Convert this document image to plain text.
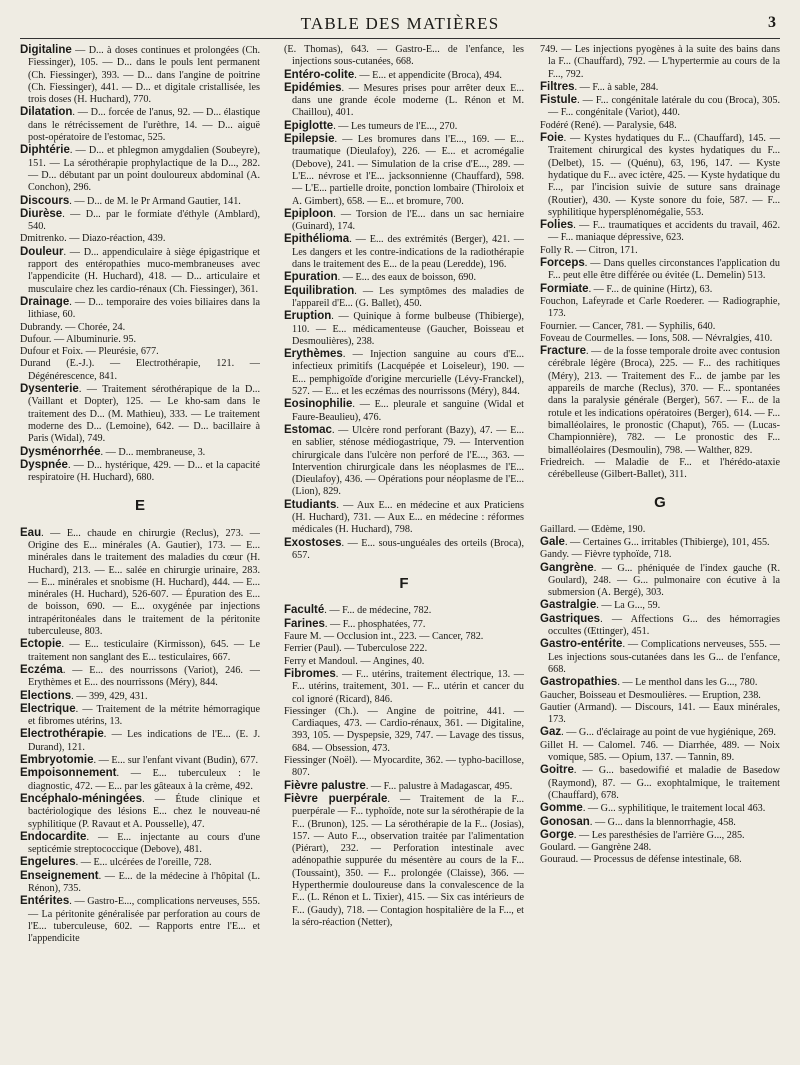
TABLE DES MATIÈRES	3

Digitaline — D... à doses continues et prolongées (Ch. Fiessinger), 105. — D... dans le pouls lent permanent (Ch. Fiessinger), 393. — D... dans l'angine de poitrine (Ch. Fiessinger), 441. — D... et digitale cristallisée, les trois doses (H. Huchard), 770.

Dilatation. — D... forcée de l'anus, 92. — D... élastique dans le rétrécissement de l'urèthre, 14. — D... aiguë post-opératoire de l'estomac, 525.

Diphtérie. — D... et phlegmon amygdalien (Soubeyre), 151. — La sérothérapie prophylactique de la D..., 282. — D... débutant par un point douloureux abdominal (A. Conchon), 296.

Discours. — D... de M. le Pr Armand Gautier, 141.

Diurèse. — D... par le formiate d'éthyle (Amblard), 540.

Dmitrenko. — Diazo-réaction, 439.

Douleur. — D... appendiculaire à siège épigastrique et rapport des entéropathies muco-membraneuses avec l'appendicite (H. Huchard), 418. — D... articulaire et musculaire chez les cardio-rénaux (Ch. Fiessinger), 361.

Drainage. — D... temporaire des voies biliaires dans la lithiase, 60.

Dubrandy. — Chorée, 24.

Dufour. — Albuminurie. 95.

Dufour et Foix. — Pleurésie, 677.

Durand (E.-J.). — Electrothérapie, 121. — Dégénérescence, 841.

Dysenterie. — Traitement sérothérapique de la D... (Vaillant et Dopter), 125. — Le kho-sam dans le traitement des D... (M. Mathieu), 333. — Le traitement moderne des D... (Lemoine), 642. — D... bacillaire à Paris (Widal), 749.

Dysménorrhée. — D... membraneuse, 3.

Dyspnée. — D... hystérique, 429. — D... et la capacité respiratoire (H. Huchard), 680.

E

Eau. — E... chaude en chirurgie (Reclus), 273. — Origine des E... minérales (A. Gautier), 173. — E... minérales dans le traitement des maladies du cœur (H. Huchard), 213. — E... salée en chirurgie urinaire, 283. — E... minérales et snobisme (H. Huchard), 444. — E... minérales (H. Huchard), 526-607. — Épuration des E... de boisson, 690. — E... oxygénée par injections intrapéritonéales dans le traitement de la péritonite tuberculeuse, 803.

Ectopie. — E... testiculaire (Kirmisson), 645. — Le traitement non sanglant des E... testiculaires, 667.

Eczéma. — E... des nourrissons (Variot), 246. — Erythèmes et E... des nourrissons (Méry), 844.

Elections. — 399, 429, 431.

Electrique. — Traitement de la métrite hémorragique et fibromes utérins, 13.

Electrothérapie. — Les indications de l'E... (E. J. Durand), 121.

Embryotomie. — E... sur l'enfant vivant (Budin), 677.

Empoisonnement. — E... tuberculeux : le diagnostic, 472. — E... par les gâteaux à la crème, 492.

Encéphalo-méningées. — Étude clinique et bactériologique des lésions E... chez le nouveau-né syphilitique (P. Ravaut et A. Pousselle), 47.

Endocardite. — E... injectante au cours d'une septicémie streptococcique (Debove), 481.

Engelures. — E... ulcérées de l'oreille, 728.

Enseignement. — E... de la médecine à l'hôpital (L. Rénon), 735.

Entérites. — Gastro-E..., complications nerveuses, 555. — La péritonite généralisée par perforation au cours de l'E... tuberculeuse, 602. — Rapports entre l'E... et l'appendicite

(E. Thomas), 643. — Gastro-E... de l'enfance, les injections sous-cutanées, 668.

Entéro-colite. — E... et appendicite (Broca), 494.

Epidémies. — Mesures prises pour arrêter deux E... dans une grande école moderne (L. Rénon et M. Chaillou), 401.

Epiglotte. — Les tumeurs de l'E..., 270.

Epilepsie. — Les bromures dans l'E..., 169. — E... traumatique (Dieulafoy), 226. — E... et acromégalie (Debove), 241. — Simulation de la crise d'E..., 289. — L'E... névrose et l'E... jacksonnienne (Chauffard), 598. — L'E... partielle droite, ponction lombaire (Thiroloix et A. Gimbert), 658. — E... et bromure, 700.

Epiploon. — Torsion de l'E... dans un sac herniaire (Guinard), 174.

Epithélioma. — E... des extrémités (Berger), 421. — Les dangers et les contre-indications de la radiothérapie dans le traitement des E... de la peau (Leredde), 196.

Epuration. — E... des eaux de boisson, 690.

Equilibration. — Les symptômes des maladies de l'appareil d'E... (G. Ballet), 450.

Eruption. — Quinique à forme bulbeuse (Thibierge), 110. — E... médicamenteuse (Gaucher, Boisseau et Desmoulières), 238.

Erythèmes. — Injection sanguine au cours d'E... infectieux primitifs (Lacquépée et Loiseleur), 190. — E... pemphigoïde d'origine mercurielle (Lévy-Franckel), 527. — E... et les eczémas des nourrissons (Méry), 844.

Eosinophilie. — E... pleurale et sanguine (Widal et Faure-Beaulieu), 476.

Estomac. — Ulcère rond perforant (Bazy), 47. — E... en sablier, sténose médiogastrique, 79. — Intervention chirurgicale dans l'ulcère non perforé de l'E..., 363. — Intervention chirurgicale dans les néoplasmes de l'E... (Dieulafoy), 436. — Opérations pour néoplasme de l'E... (Lion), 829.

Etudiants. — Aux E... en médecine et aux Praticiens (H. Huchard), 731. — Aux E... en médecine : réformes médicales (H. Huchard), 798.

Exostoses. — E... sous-unguéales des orteils (Broca), 657.

F

Faculté. — F... de médecine, 782.

Farines. — F... phosphatées, 77.

Faure M. — Occlusion int., 223. — Cancer, 782.

Ferrier (Paul). — Tuberculose 222.

Ferry et Mandoul. — Angines, 40.

Fibromes. — F... utérins, traitement électrique, 13. — F... utérins, traitement, 301. — F... utérin et cancer du col ignoré (Ricard), 846.

Fiessinger (Ch.). — Angine de poitrine, 441. — Cardiaques, 473. — Cardio-rénaux, 361. — Digitaline, 393, 105. — Dyspepsie, 329, 747. — Lavage des tissus, 684. — Obsession, 473.

Fiessinger (Noël). — Myocardite, 362. — typho-bacillose, 807.

Fièvre palustre. — F... palustre à Madagascar, 495.

Fièvre puerpérale. — Traitement de la F... puerpérale — F... typhoïde, note sur la sérothérapie de la F... (Brunon), 125. — La sérothérapie de la F... (Josias), 157. — Auto F..., observation traitée par l'alimentation (Piérart), 232. — Perforation intestinale avec adénopathie suppurée du mésentère au cours de la F... (Toussaint), 350. — F... prolongée (Claisse), 366. — Hyperthermie douloureuse dans la convalescence de la F... (L. Rénon et L. Tixier), 415. — Six cas intérieurs de F... (Gaudy), 718. — Contagion hospitalière de la F..., et la séro-réaction (Netter),

749. — Les injections pyogènes à la suite des bains dans la F... (Chauffard), 792. — L'hypertermie au cours de la F..., 792.

Filtres. — F... à sable, 284.

Fistule. — F... congénitale latérale du cou (Broca), 305. — F... congénitale (Variot), 440.

Fodéré (René). — Paralysie, 648.

Foie. — Kystes hydatiques du F... (Chauffard), 145. — Traitement chirurgical des kystes hydatiques du F... (Delbet), 15. — (Quénu), 63, 196, 147. — Kyste hydatique du F... avec ictère, 425. — Kyste hydatique du F..., par l'incision suivie de suture sans drainage (Routier), 430. — Kyste sonore du foie, 587. — F... syphilitique hypersplénomégalie, 553.

Folies. — F... traumatiques et accidents du travail, 462. — F... maniaque dépressive, 623.

Folly R. — Citron, 171.

Forceps. — Dans quelles circonstances l'application du F... peut elle être différée ou évitée (L. Demelin) 513.

Formiate. — F... de quinine (Hirtz), 63.

Fouchon, Lafeyrade et Carle Roederer. — Radiographie, 173.

Fournier. — Cancer, 781. — Syphilis, 640.

Foveau de Courmelles. — Ions, 508. — Névralgies, 410.

Fracture. — de la fosse temporale droite avec contusion cérébrale légère (Broca), 225. — F... des rachitiques (Méry), 213. — Traitement des F... de jambe par les appareils de marche (Reclus), 370. — F... spontanées dans la paralysie générale (Berger), 567. — F... de la rotule et les indications opératoires (Berger), 614. — F... bimalléolaires, le pronostic (Chaput), 765. — (Lucas-Championnière), 782. — Le pronostic des F... bimalléolaires (Desmoulin), 798. — Walther, 829.

Friedreich. — Maladie de F... et l'hérédo-ataxie cérébelleuse (Gilbert-Ballet), 311.

G

Gaillard. — Œdème, 190.

Gale. — Certaines G... irritables (Thibierge), 101, 455.

Gandy. — Fièvre typhoïde, 718.

Gangrène. — G... phéniquée de l'index gauche (R. Goulard), 248. — G... pulmonaire con écutive à la submersion (A. Bergé), 303.

Gastralgie. — La G..., 59.

Gastriques. — Affections G... des hémorragies occultes (Œttinger), 451.

Gastro-entérite. — Complications nerveuses, 555. — Les injections sous-cutanées dans les G... de l'enfance, 668.

Gastropathies. — Le menthol dans les G..., 780.

Gaucher, Boisseau et Desmoulières. — Eruption, 238.

Gautier (Armand). — Discours, 141. — Eaux minérales, 173.

Gaz. — G... d'éclairage au point de vue hygiénique, 269.

Gillet H. — Calomel. 746. — Diarrhée, 489. — Noix vomique, 585. — Opium, 137. — Tannin, 89.

Goitre. — G... basedowifié et maladie de Basedow (Raymond), 87. — G... exophtalmique, le traitement (Chauffard), 678.

Gomme. — G... syphilitique, le traitement local 463.

Gonosan. — G... dans la blennorrhagie, 458.

Gorge. — Les paresthésies de l'arrière G..., 285.

Goulard. — Gangrène 248.

Gouraud. — Processus de défense intestinale, 68.
